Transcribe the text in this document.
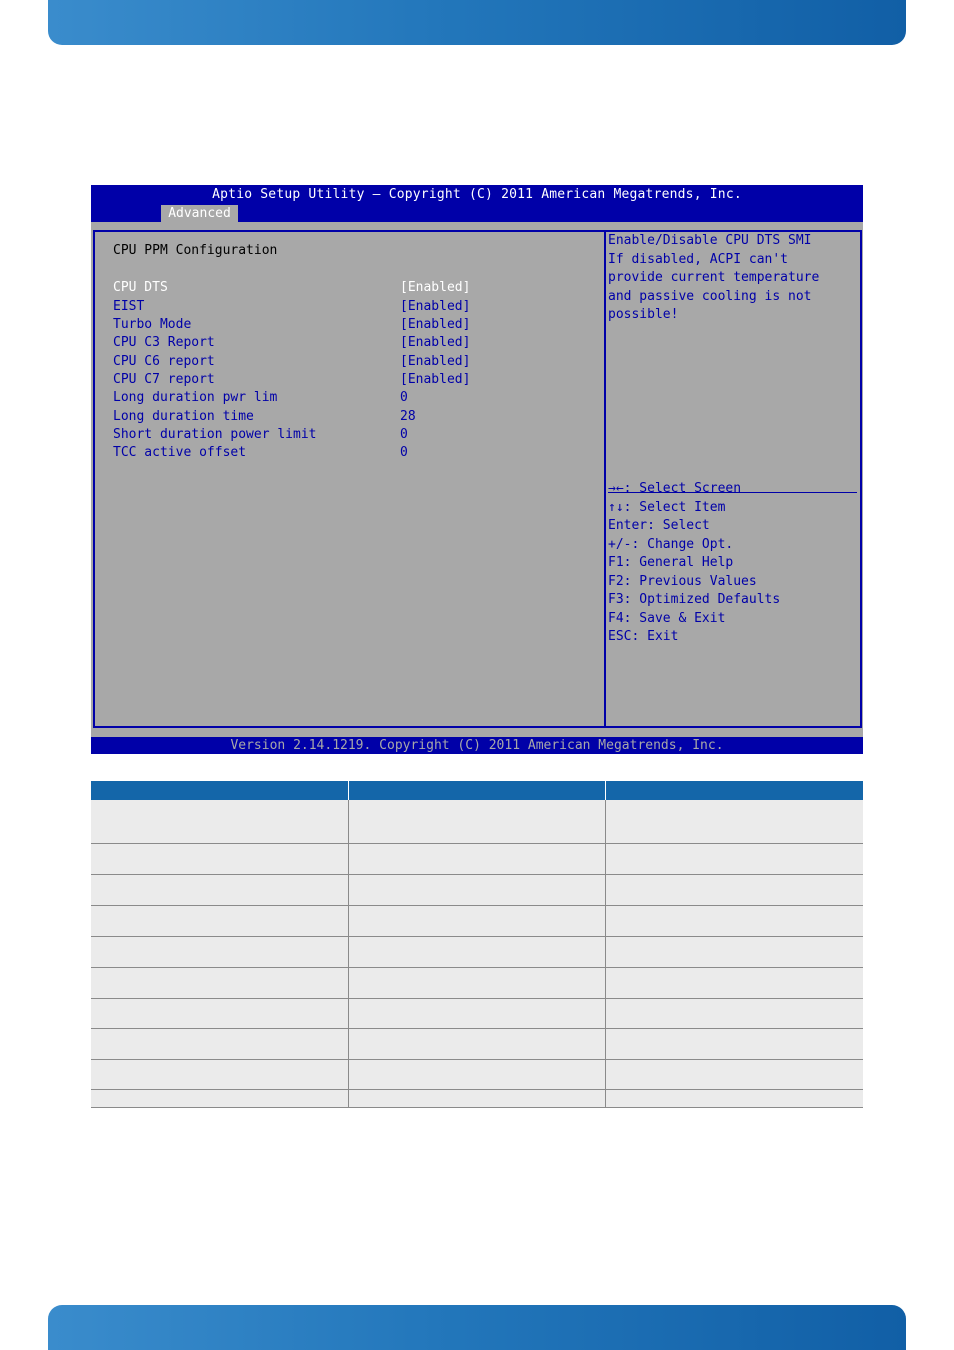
Aptio Setup Utility – Copyright (C) 2011 American Megatrends, Inc.
Advanced
CPU PPM Configuration
CPU DTS	[Enabled]
EIST	[Enabled]
Turbo Mode	[Enabled]
CPU C3 Report	[Enabled]
CPU C6 report	[Enabled]
CPU C7 report	[Enabled]
Long duration pwr lim	0
Long duration time	28
Short duration power limit	0
TCC active offset	0
Enable/Disable CPU DTS SMI
If disabled, ACPI can't
provide current temperature
and passive cooling is not
possible!
→←: Select Screen
↑↓: Select Item
Enter: Select
+/-: Change Opt.
F1: General Help
F2: Previous Values
F3: Optimized Defaults
F4: Save & Exit
ESC: Exit
Version 2.14.1219. Copyright (C) 2011 American Megatrends, Inc.
